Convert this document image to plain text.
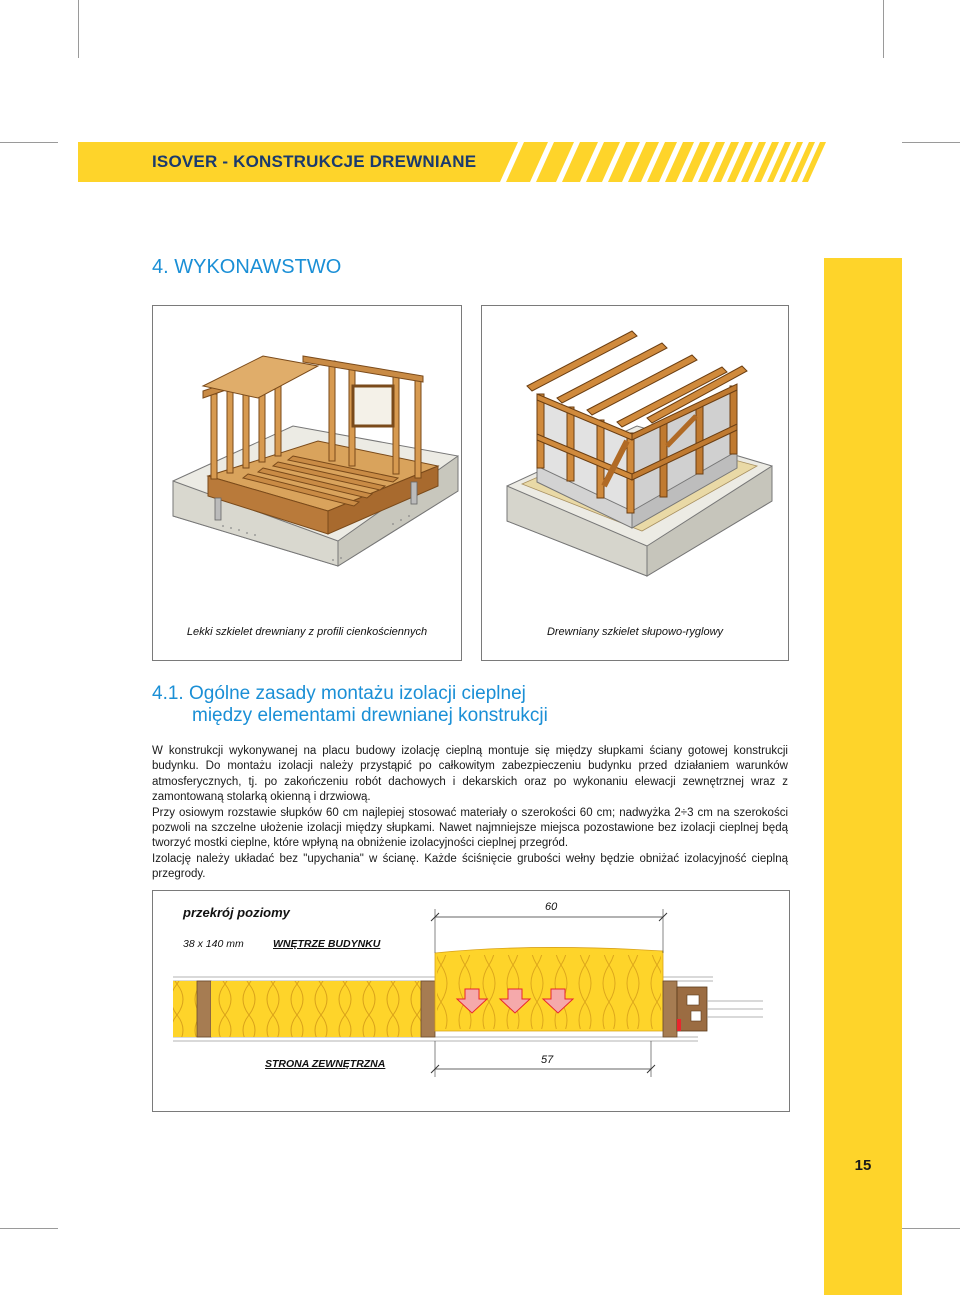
ISOVER - KONSTRUKCJE DREWNIANE
15
4. WYKONAWSTWO
Lekki szkielet drewniany z profili cienkościennych	Drewniany szkielet słupowo-ryglowy
4.1. Ogólne zasady montażu izolacji cieplnej
między elementami drewnianej konstrukcji

W konstrukcji wykonywanej na placu budowy izolację cieplną montuje się między słupkami ściany gotowej konstrukcji budynku. Do montażu izolacji należy przystąpić po całkowitym zabezpieczeniu budynku przed działaniem warunków atmosferycznych, tj. po zakończeniu robót dachowych i dekarskich oraz po wykonaniu elewacji zewnętrznej wraz z zamontowaną stolarką okienną i drzwiową.

Przy osiowym rozstawie słupków 60 cm najlepiej stosować materiały o szerokości 60 cm; nadwyżka 2÷3 cm na szerokości pozwoli na szczelne ułożenie izolacji między słupkami. Nawet najmniejsze miejsca pozostawione bez izolacji cieplnej będą tworzyć mostki cieplne, które wpłyną na obniżenie izolacyjności cieplnej przegród.

Izolację należy układać bez "upychania" w ścianę. Każde ściśnięcie grubości wełny będzie obniżać izolacyjność cieplną przegrody.

przekrój poziomy
38 x 140 mm	WNĘTRZE BUDYNKU
STRONA ZEWNĘTRZNA
60
57
